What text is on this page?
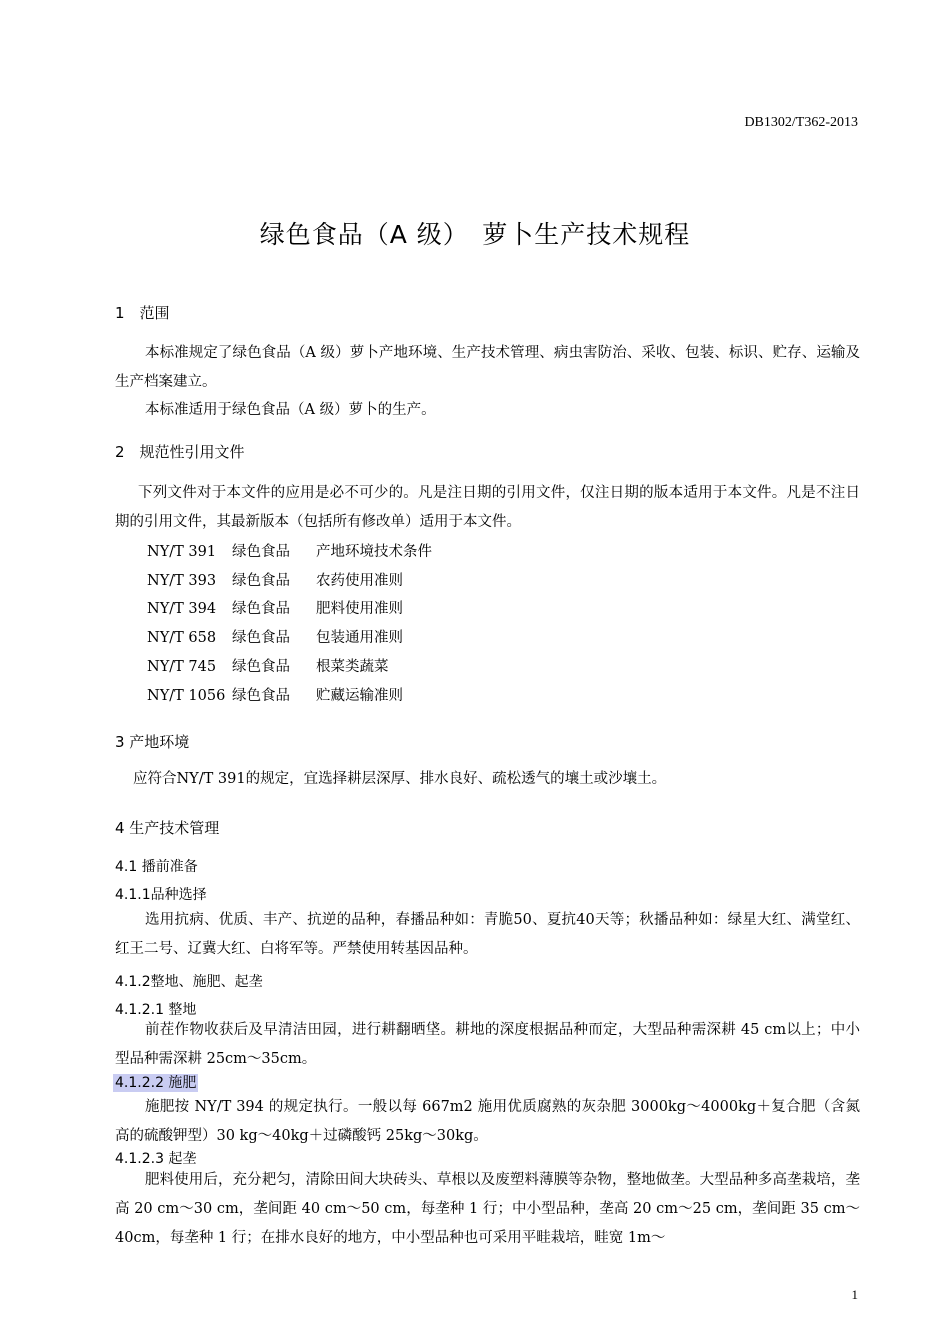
DB1302/T362-2013
绿色食品（A 级）　萝卜生产技术规程
1　范围
本标准规定了绿色食品（A 级）萝卜产地环境、生产技术管理、病虫害防治、采收、包装、标识、贮存、运输及生产档案建立。
本标准适用于绿色食品（A 级）萝卜的生产。
2　规范性引用文件
下列文件对于本文件的应用是必不可少的。凡是注日期的引用文件，仅注日期的版本适用于本文件。凡是不注日期的引用文件，其最新版本（包括所有修改单）适用于本文件。
NY/T 391 绿色食品 产地环境技术条件
NY/T 393 绿色食品 农药使用准则
NY/T 394 绿色食品 肥料使用准则
NY/T 658 绿色食品 包装通用准则
NY/T 745 绿色食品 根菜类蔬菜
NY/T 1056 绿色食品 贮藏运输准则
3 产地环境
应符合NY/T 391的规定，宜选择耕层深厚、排水良好、疏松透气的壤土或沙壤土。
4 生产技术管理
4.1 播前准备
4.1.1品种选择
选用抗病、优质、丰产、抗逆的品种，春播品种如：青脆50、夏抗40天等；秋播品种如：绿星大红、满堂红、红王二号、辽冀大红、白将军等。严禁使用转基因品种。
4.1.2整地、施肥、起垄
4.1.2.1 整地
前茬作物收获后及早清洁田园，进行耕翻晒垡。耕地的深度根据品种而定，大型品种需深耕 45 cm以上；中小型品种需深耕 25cm～35cm。
4.1.2.2 施肥
施肥按 NY/T 394 的规定执行。一般以每 667m2 施用优质腐熟的灰杂肥 3000kg～4000kg＋复合肥（含氮高的硫酸钾型）30 kg～40kg＋过磷酸钙 25kg～30kg。
4.1.2.3 起垄
肥料使用后，充分耙匀，清除田间大块砖头、草根以及废塑料薄膜等杂物，整地做垄。大型品种多高垄栽培，垄高 20 cm～30 cm，垄间距 40 cm～50 cm，每垄种 1 行；中小型品种，垄高 20 cm～25 cm，垄间距 35 cm～40cm，每垄种 1 行；在排水良好的地方，中小型品种也可采用平畦栽培，畦宽 1m～
1
